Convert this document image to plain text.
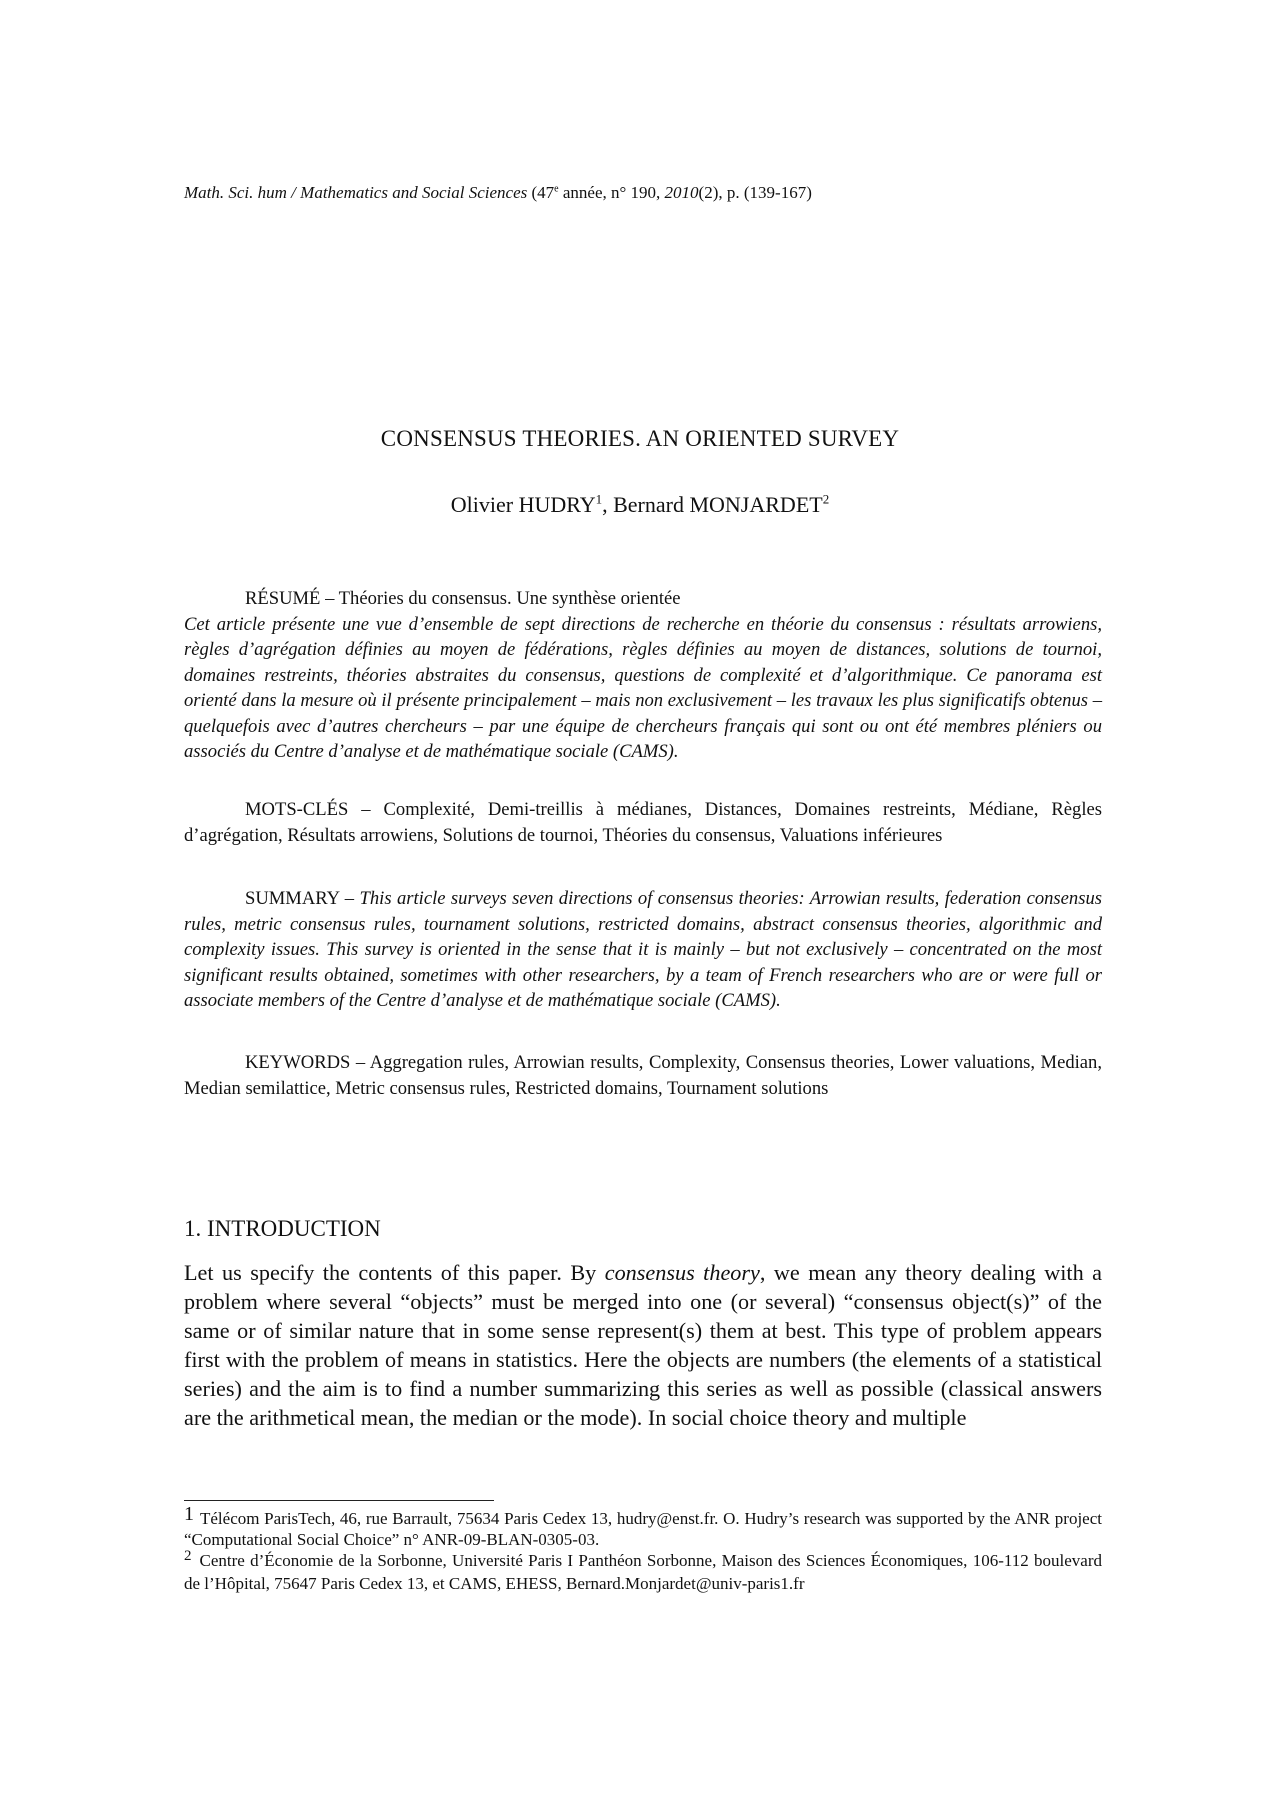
Math. Sci. hum / Mathematics and Social Sciences (47e année, n° 190, 2010(2), p. (139-167)
CONSENSUS THEORIES. AN ORIENTED SURVEY
Olivier HUDRY$^1$, Bernard MONJARDET$^2$

RÉSUMÉ – Théories du consensus. Une synthèse orientée

Cet article présente une vue d’ensemble de sept directions de recherche en théorie du consensus : résultats arrowiens, règles d’agrégation définies au moyen de fédérations, règles définies au moyen de distances, solutions de tournoi, domaines restreints, théories abstraites du consensus, questions de complexité et d’algorithmique. Ce panorama est orienté dans la mesure où il présente principalement – mais non exclusivement – les travaux les plus significatifs obtenus – quelquefois avec d’autres chercheurs – par une équipe de chercheurs français qui sont ou ont été membres pléniers ou associés du Centre d’analyse et de mathématique sociale (CAMS).

MOTS-CLÉS – Complexité, Demi-treillis à médianes, Distances, Domaines restreints, Médiane, Règles d’agrégation, Résultats arrowiens, Solutions de tournoi, Théories du consensus, Valuations inférieures

SUMMARY – This article surveys seven directions of consensus theories: Arrowian results, federation consensus rules, metric consensus rules, tournament solutions, restricted domains, abstract consensus theories, algorithmic and complexity issues. This survey is oriented in the sense that it is mainly – but not exclusively – concentrated on the most significant results obtained, sometimes with other researchers, by a team of French researchers who are or were full or associate members of the Centre d’analyse et de mathématique sociale (CAMS).

KEYWORDS – Aggregation rules, Arrowian results, Complexity, Consensus theories, Lower valuations, Median, Median semilattice, Metric consensus rules, Restricted domains, Tournament solutions

1. INTRODUCTION

Let us specify the contents of this paper. By consensus theory, we mean any theory dealing with a problem where several “objects” must be merged into one (or several) “consensus object(s)” of the same or of similar nature that in some sense represent(s) them at best. This type of problem appears first with the problem of means in statistics. Here the objects are numbers (the elements of a statistical series) and the aim is to find a number summarizing this series as well as possible (classical answers are the arithmetical mean, the median or the mode). In social choice theory and multiple

1 Télécom ParisTech, 46, rue Barrault, 75634 Paris Cedex 13, hudry@enst.fr. O. Hudry’s research was supported by the ANR project “Computational Social Choice” n° ANR-09-BLAN-0305-03.

2 Centre d’Économie de la Sorbonne, Université Paris I Panthéon Sorbonne, Maison des Sciences Économiques, 106-112 boulevard de l’Hôpital, 75647 Paris Cedex 13, et CAMS, EHESS, Bernard.Monjardet@univ-paris1.fr
